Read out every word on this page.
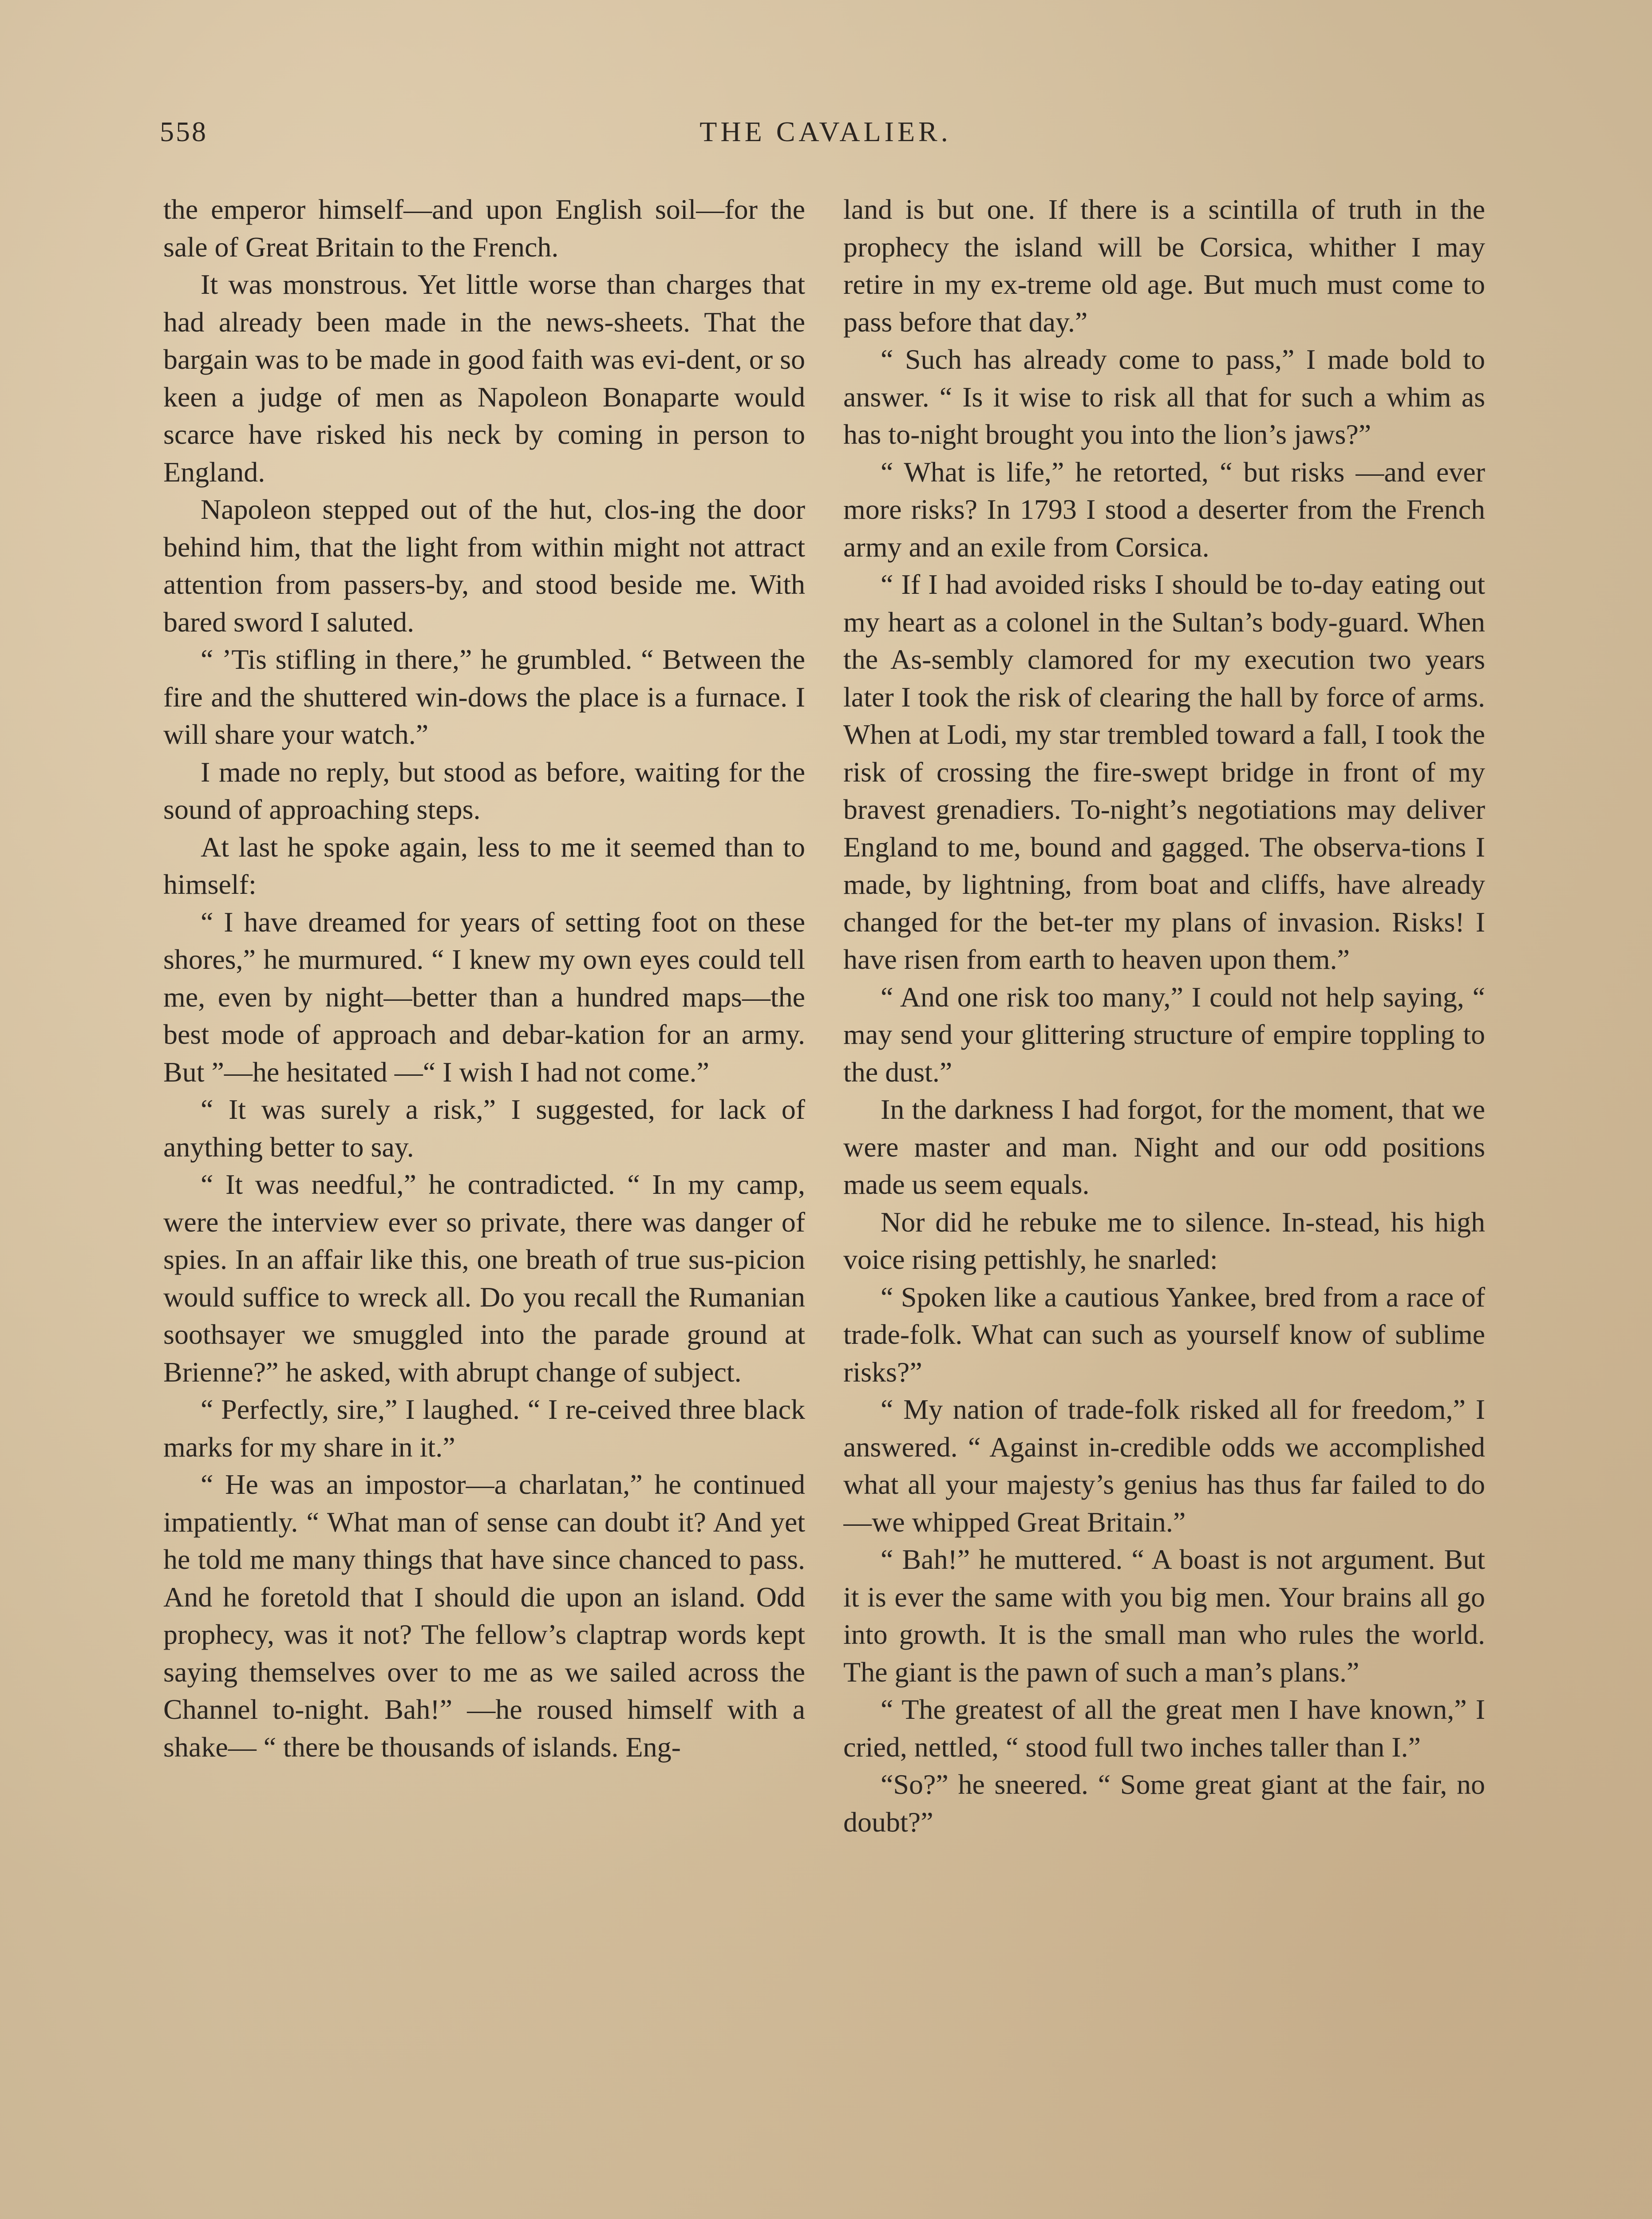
558	THE CAVALIER.

the emperor himself—and upon English soil—for the sale of Great Britain to the French.

It was monstrous. Yet little worse than charges that had already been made in the news-sheets. That the bargain was to be made in good faith was evi-dent, or so keen a judge of men as Napoleon Bonaparte would scarce have risked his neck by coming in person to England.

Napoleon stepped out of the hut, clos-ing the door behind him, that the light from within might not attract attention from passers-by, and stood beside me. With bared sword I saluted.

“ ’Tis stifling in there,” he grumbled. “ Between the fire and the shuttered win-dows the place is a furnace. I will share your watch.”

I made no reply, but stood as before, waiting for the sound of approaching steps.

At last he spoke again, less to me it seemed than to himself:

“ I have dreamed for years of setting foot on these shores,” he murmured. “ I knew my own eyes could tell me, even by night—better than a hundred maps—the best mode of approach and debar-kation for an army. But ”—he hesitated —“ I wish I had not come.”

“ It was surely a risk,” I suggested, for lack of anything better to say.

“ It was needful,” he contradicted. “ In my camp, were the interview ever so private, there was danger of spies. In an affair like this, one breath of true sus-picion would suffice to wreck all. Do you recall the Rumanian soothsayer we smuggled into the parade ground at Brienne?” he asked, with abrupt change of subject.

“ Perfectly, sire,” I laughed. “ I re-ceived three black marks for my share in it.”

“ He was an impostor—a charlatan,” he continued impatiently. “ What man of sense can doubt it? And yet he told me many things that have since chanced to pass. And he foretold that I should die upon an island. Odd prophecy, was it not? The fellow’s claptrap words kept saying themselves over to me as we sailed across the Channel to-night. Bah!” —he roused himself with a shake— “ there be thousands of islands. Eng-

land is but one. If there is a scintilla of truth in the prophecy the island will be Corsica, whither I may retire in my ex-treme old age. But much must come to pass before that day.”

“ Such has already come to pass,” I made bold to answer. “ Is it wise to risk all that for such a whim as has to-night brought you into the lion’s jaws?”

“ What is life,” he retorted, “ but risks —and ever more risks? In 1793 I stood a deserter from the French army and an exile from Corsica.

“ If I had avoided risks I should be to-day eating out my heart as a colonel in the Sultan’s body-guard. When the As-sembly clamored for my execution two years later I took the risk of clearing the hall by force of arms. When at Lodi, my star trembled toward a fall, I took the risk of crossing the fire-swept bridge in front of my bravest grenadiers. To-night’s negotiations may deliver England to me, bound and gagged. The observa-tions I made, by lightning, from boat and cliffs, have already changed for the bet-ter my plans of invasion. Risks! I have risen from earth to heaven upon them.”

“ And one risk too many,” I could not help saying, “ may send your glittering structure of empire toppling to the dust.”

In the darkness I had forgot, for the moment, that we were master and man. Night and our odd positions made us seem equals.

Nor did he rebuke me to silence. In-stead, his high voice rising pettishly, he snarled:

“ Spoken like a cautious Yankee, bred from a race of trade-folk. What can such as yourself know of sublime risks?”

“ My nation of trade-folk risked all for freedom,” I answered. “ Against in-credible odds we accomplished what all your majesty’s genius has thus far failed to do—we whipped Great Britain.”

“ Bah!” he muttered. “ A boast is not argument. But it is ever the same with you big men. Your brains all go into growth. It is the small man who rules the world. The giant is the pawn of such a man’s plans.”

“ The greatest of all the great men I have known,” I cried, nettled, “ stood full two inches taller than I.”

“So?” he sneered. “ Some great giant at the fair, no doubt?”
